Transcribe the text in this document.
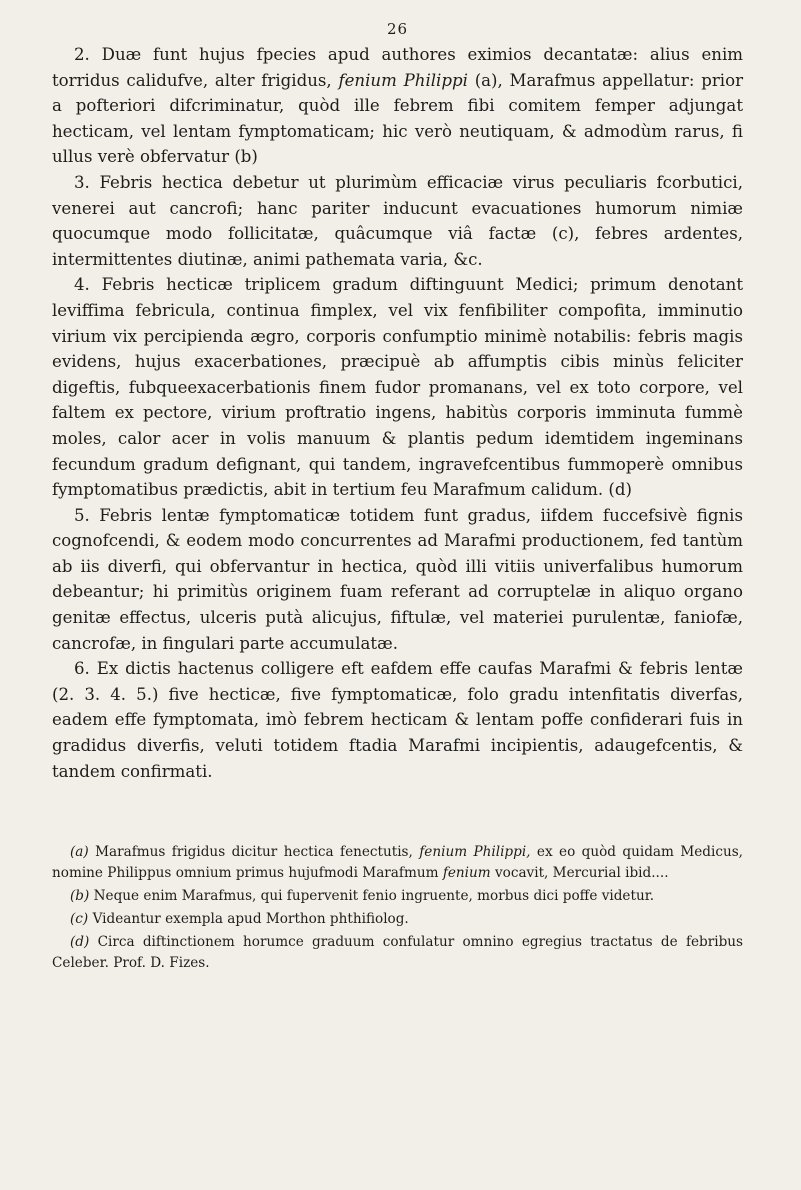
26

2. Duæ funt hujus fpecies apud authores eximios decantatæ: alius enim torridus calidufve, alter frigidus, fenium Philippi (a), Marafmus appellatur: prior a pofteriori difcriminatur, quòd ille febrem fibi comitem femper adjungat hecticam, vel lentam fymptomaticam; hic verò neutiquam, & admodùm rarus, fi ullus verè obfervatur (b)

3. Febris hectica debetur ut plurimùm efficaciæ virus peculiaris fcorbutici, venerei aut cancrofi; hanc pariter inducunt evacuationes humorum nimiæ quocumque modo follicitatæ, quâcumque viâ factæ (c), febres ardentes, intermittentes diutinæ, animi pathemata varia, &c.

4. Febris hecticæ triplicem gradum diftinguunt Medici; primum denotant leviffima febricula, continua fimplex, vel vix fenfibiliter compofita, imminutio virium vix percipienda ægro, corporis confumptio minimè notabilis: febris magis evidens, hujus exacerbationes, præcipuè ab affumptis cibis minùs feliciter digeftis, fubqueexacerbationis finem fudor promanans, vel ex toto corpore, vel faltem ex pectore, virium proftratio ingens, habitùs corporis imminuta fummè moles, calor acer in volis manuum & plantis pedum idemtidem ingeminans fecundum gradum defignant, qui tandem, ingravefcentibus fummoperè omnibus fymptomatibus prædictis, abit in tertium feu Marafmum calidum. (d)

5. Febris lentæ fymptomaticæ totidem funt gradus, iifdem fuccefsivè fignis cognofcendi, & eodem modo concurrentes ad Marafmi productionem, fed tantùm ab iis diverfi, qui obfervantur in hectica, quòd illi vitiis univerfalibus humorum debeantur; hi primitùs originem fuam referant ad corruptelæ in aliquo organo genitæ effectus, ulceris putà alicujus, fiftulæ, vel materiei purulentæ, faniofæ, cancrofæ, in fingulari parte accumulatæ.

6. Ex dictis hactenus colligere eft eafdem effe caufas Marafmi & febris lentæ (2. 3. 4. 5.) five hecticæ, five fymptomaticæ, folo gradu intenfitatis diverfas, eadem effe fymptomata, imò febrem hecticam & lentam poffe confiderari fuis in gradidus diverfis, veluti totidem ftadia Marafmi incipientis, adaugefcentis, & tandem confirmati.

(a) Marafmus frigidus dicitur hectica fenectutis, fenium Philippi, ex eo quòd quidam Medicus, nomine Philippus omnium primus hujufmodi Marafmum fenium vocavit, Mercurial ibid....

(b) Neque enim Marafmus, qui fupervenit fenio ingruente, morbus dici poffe videtur.

(c) Videantur exempla apud Morthon phthifiolog.

(d) Circa diftinctionem horumce graduum confulatur omnino egregius tractatus de febribus Celeber. Prof. D. Fizes.
